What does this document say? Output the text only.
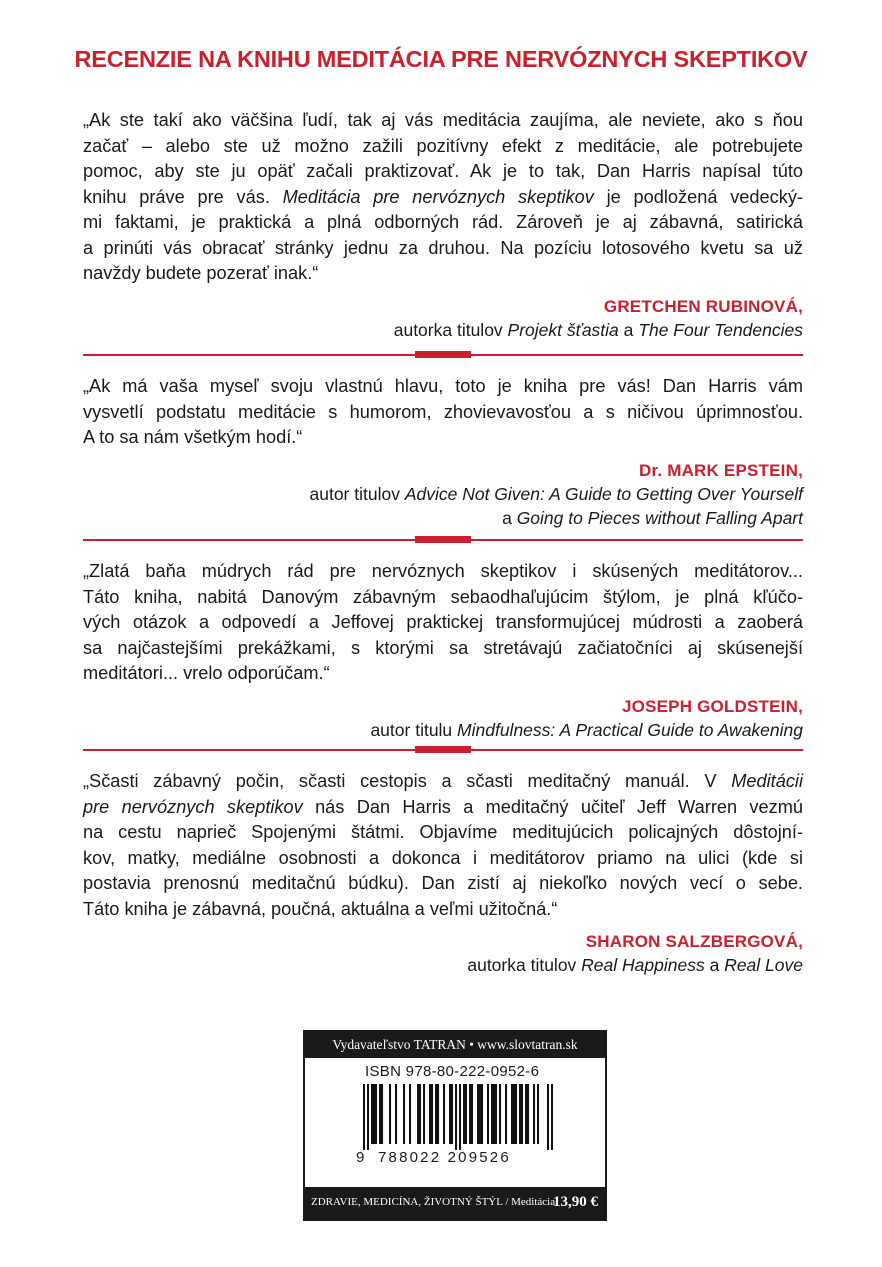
RECENZIE NA KNIHU MEDITÁCIA PRE NERVÓZNYCH SKEPTIKOV

„Ak ste takí ako väčšina ľudí, tak aj vás meditácia zaujíma, ale neviete, ako s ňou
začať – alebo ste už možno zažili pozitívny efekt z meditácie, ale potrebujete
pomoc, aby ste ju opäť začali praktizovať. Ak je to tak, Dan Harris napísal túto
knihu práve pre vás. Meditácia pre nervóznych skeptikov je podložená vedecký-
mi faktami, je praktická a plná odborných rád. Zároveň je aj zábavná, satirická
a prinúti vás obracať stránky jednu za druhou. Na pozíciu lotosového kvetu sa už
navždy budete pozerať inak.“

GRETCHEN RUBINOVÁ,
autorka titulov Projekt šťastia a The Four Tendencies

„Ak má vaša myseľ svoju vlastnú hlavu, toto je kniha pre vás! Dan Harris vám
vysvetlí podstatu meditácie s humorom, zhovievavosťou a s ničivou úprimnosťou.
A to sa nám všetkým hodí.“

Dr. MARK EPSTEIN,
autor titulov Advice Not Given: A Guide to Getting Over Yourself
a Going to Pieces without Falling Apart

„Zlatá baňa múdrych rád pre nervóznych skeptikov i skúsených meditátorov...
Táto kniha, nabitá Danovým zábavným sebaodhaľujúcim štýlom, je plná kľúčo-
vých otázok a odpovedí a Jeffovej praktickej transformujúcej múdrosti a zaoberá
sa najčastejšími prekážkami, s ktorými sa stretávajú začiatočníci aj skúsenejší
meditátori... vrelo odporúčam.“

JOSEPH GOLDSTEIN,
autor titulu Mindfulness: A Practical Guide to Awakening

„Sčasti zábavný počin, sčasti cestopis a sčasti meditačný manuál. V Meditácii
pre nervóznych skeptikov nás Dan Harris a meditačný učiteľ Jeff Warren vezmú
na cestu naprieč Spojenými štátmi. Objavíme meditujúcich policajných dôstojní-
kov, matky, mediálne osobnosti a dokonca i meditátorov priamo na ulici (kde si
postavia prenosnú meditačnú búdku). Dan zistí aj niekoľko nových vecí o sebe.
Táto kniha je zábavná, poučná, aktuálna a veľmi užitočná.“

SHARON SALZBERGOVÁ,
autorka titulov Real Happiness a Real Love
Vydavateľstvo TATRAN • www.slovtatran.sk
ISBN 978-80-222-0952-6
9 788022 209526
ZDRAVIE, MEDICÍNA, ŽIVOTNÝ ŠTÝL / Meditácia
13,90 €
